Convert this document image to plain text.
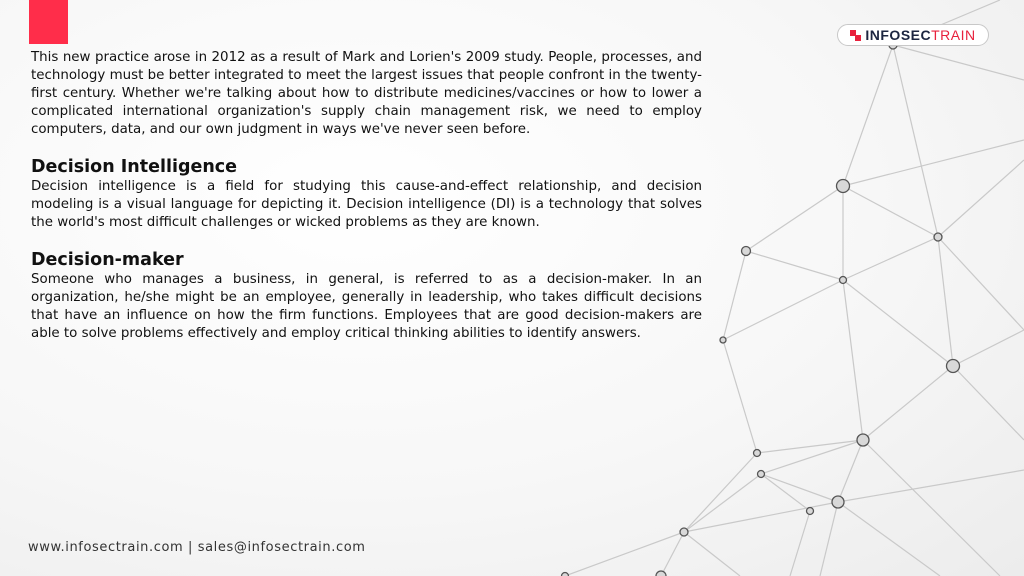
INFOSECTRAIN

This new practice arose in 2012 as a result of Mark and Lorien's 2009 study. People, processes, and technology must be better integrated to meet the largest issues that people confront in the twenty-first century. Whether we're talking about how to distribute medicines/vaccines or how to lower a complicated international organization's supply chain management risk, we need to employ computers, data, and our own judgment in ways we've never seen before.

Decision Intelligence

Decision intelligence is a field for studying this cause-and-effect relationship, and decision modeling is a visual language for depicting it. Decision intelligence (DI) is a technology that solves the world's most difficult challenges or wicked problems as they are known.

Decision-maker

Someone who manages a business, in general, is referred to as a decision-maker. In an organization, he/she might be an employee, generally in leadership, who takes difficult decisions that have an influence on how the firm functions. Employees that are good decision-makers are able to solve problems effectively and employ critical thinking abilities to identify answers.

www.infosectrain.com | sales@infosectrain.com
